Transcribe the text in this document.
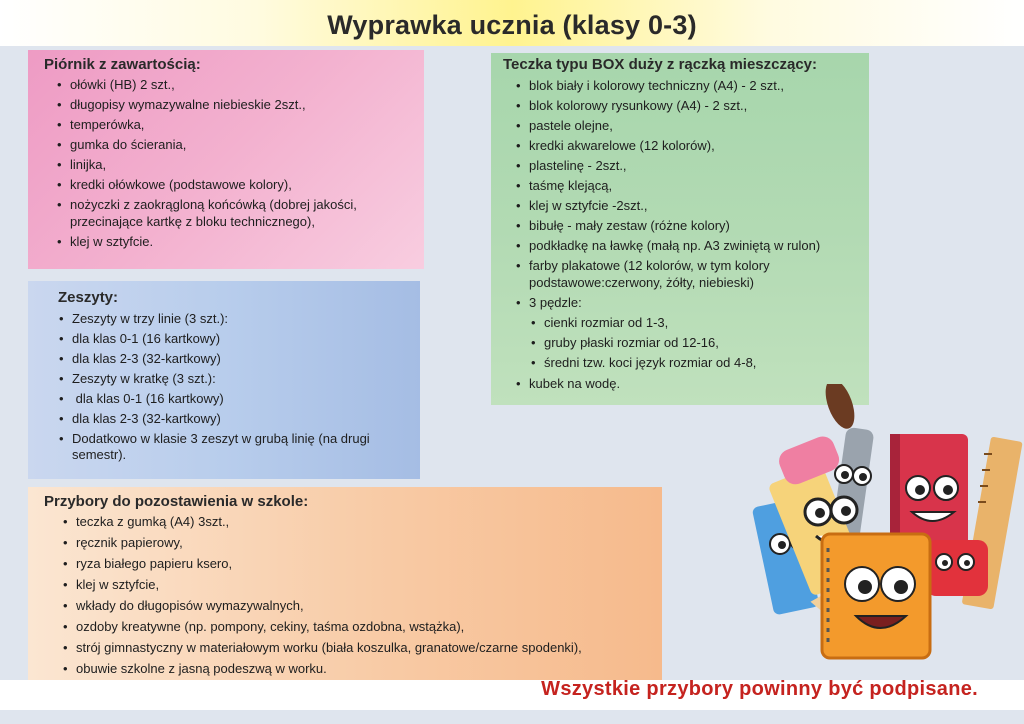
Wyprawka ucznia (klasy 0-3)
Piórnik z zawartością:
• ołówki (HB) 2 szt.,
• długopisy wymazywalne niebieskie 2szt.,
• temperówka,
• gumka do ścierania,
• linijka,
• kredki ołówkowe (podstawowe kolory),
• nożyczki z zaokrągloną końcówką (dobrej jakości, przecinające kartkę z bloku technicznego),
• klej w sztyfcie.
Zeszyty:
• Zeszyty w trzy linie (3 szt.):
• dla klas 0-1 (16 kartkowy)
• dla klas 2-3 (32-kartkowy)
• Zeszyty w kratkę (3 szt.):
•  dla klas 0-1 (16 kartkowy)
• dla klas 2-3 (32-kartkowy)
• Dodatkowo w klasie 3 zeszyt w grubą linię (na drugi semestr).
Teczka typu BOX duży z rączką mieszczący:
• blok biały i kolorowy techniczny (A4) - 2 szt.,
• blok kolorowy rysunkowy (A4) - 2 szt.,
• pastele olejne,
• kredki akwarelowe (12 kolorów),
• plastelinę - 2szt.,
• taśmę klejącą,
• klej w sztyfcie -2szt.,
• bibułę - mały zestaw (różne kolory)
• podkładkę na ławkę (małą np. A3 zwiniętą w rulon)
• farby plakatowe (12 kolorów, w tym kolory podstawowe:czerwony, żółty, niebieski)
• 3 pędzle:
• cienki rozmiar od 1-3,
• gruby płaski rozmiar od 12-16,
• średni tzw. koci język rozmiar od 4-8,
• kubek na wodę.
Przybory do pozostawienia w szkole:
• teczka z gumką (A4) 3szt.,
• ręcznik papierowy,
• ryza białego papieru ksero,
• klej w sztyfcie,
• wkłady do długopisów wymazywalnych,
• ozdoby kreatywne (np. pompony, cekiny, taśma ozdobna, wstążka),
• strój gimnastyczny w materiałowym worku (biała koszulka, granatowe/czarne spodenki),
• obuwie szkolne z jasną podeszwą w worku.
Wszystkie przybory powinny być podpisane.
